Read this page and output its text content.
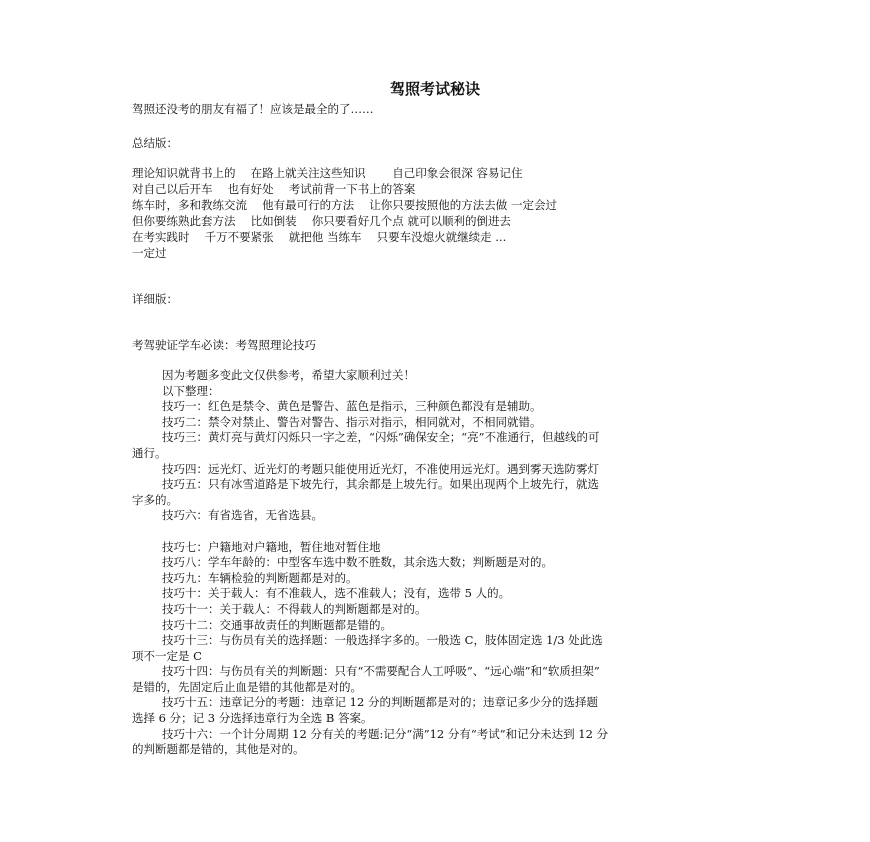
驾照考试秘诀
驾照还没考的朋友有福了！应该是最全的了……
总结版：
理论知识就背书上的　 在路上就关注这些知识　　 自己印象会很深 容易记住
对自己以后开车　 也有好处　 考试前背一下书上的答案
练车时，多和教练交流　 他有最可行的方法　 让你只要按照他的方法去做 一定会过
但你要练熟此套方法　 比如倒装　 你只要看好几个点 就可以顺利的倒进去
在考实践时　 千万不要紧张　 就把他 当练车　 只要车没熄火就继续走 ...
一定过
详细版：
考驾驶证学车必读：考驾照理论技巧
因为考题多变此文仅供参考，希望大家顺利过关！
以下整理：
技巧一：红色是禁令、黄色是警告、蓝色是指示，三种颜色都没有是辅助。
技巧二：禁令对禁止、警告对警告、指示对指示，相同就对，不相同就错。
技巧三：黄灯亮与黄灯闪烁只一字之差，“闪烁”确保安全；“亮”不准通行，但越线的可
通行。
技巧四：远光灯、近光灯的考题只能使用近光灯，不准使用远光灯。遇到雾天选防雾灯
技巧五：只有冰雪道路是下坡先行，其余都是上坡先行。如果出现两个上坡先行，就选
字多的。
技巧六：有省选省，无省选县。

技巧七：户籍地对户籍地，暂住地对暂住地
技巧八：学车年龄的：中型客车选中数不胜数，其余选大数；判断题是对的。
技巧九：车辆检验的判断题都是对的。
技巧十：关于载人：有不准载人，选不准载人；没有，选带 5 人的。
技巧十一：关于载人：不得载人的判断题都是对的。
技巧十二：交通事故责任的判断题都是错的。
技巧十三：与伤员有关的选择题：一般选择字多的。一般选 C，肢体固定选 1/3 处此选
项不一定是 C
技巧十四：与伤员有关的判断题：只有“不需要配合人工呼吸”、“远心端”和“软质担架”
是错的，先固定后止血是错的其他都是对的。
技巧十五：违章记分的考题：违章记 12 分的判断题都是对的；违章记多少分的选择题
选择 6 分；记 3 分选择违章行为全选 B 答案。
技巧十六：一个计分周期 12 分有关的考题:记分“满”12 分有“考试”和记分未达到 12 分
的判断题都是错的，其他是对的。
